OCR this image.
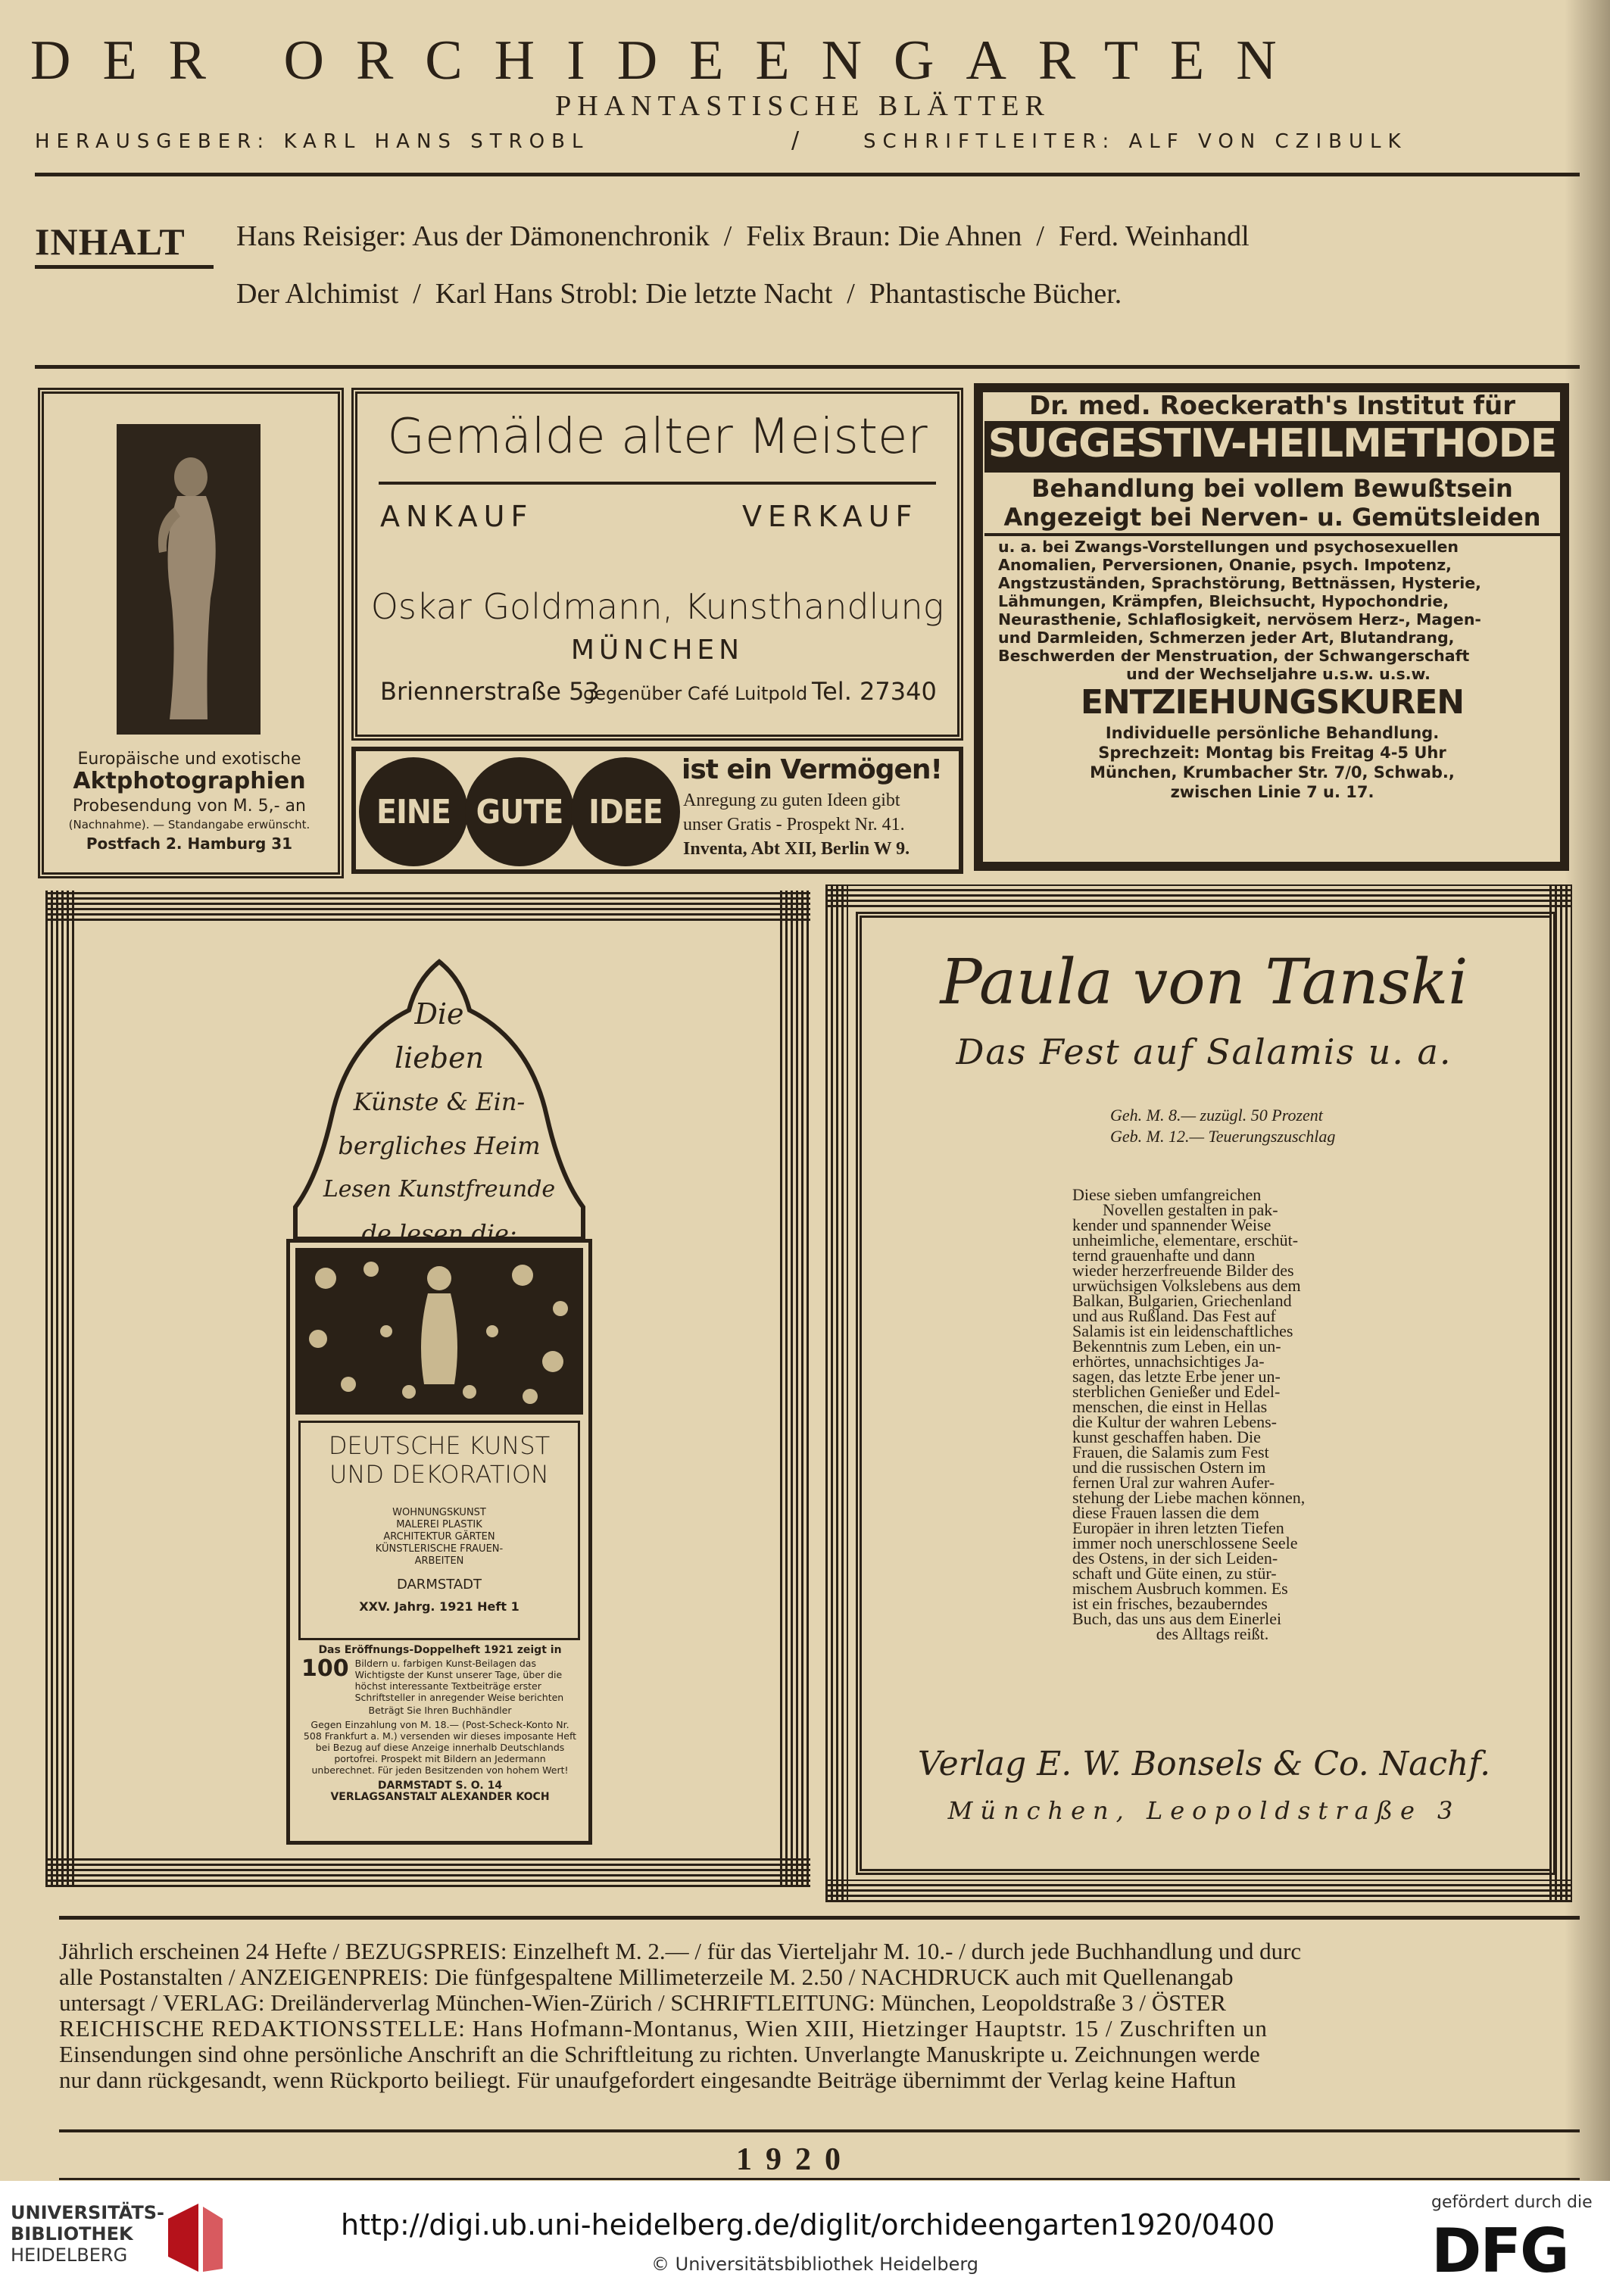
DER ORCHIDEENGARTEN
PHANTASTISCHE BLÄTTER
HERAUSGEBER: KARL HANS STROBL	/	SCHRIFTLEITER: ALF VON CZIBULK
INHALT Hans Reisiger: Aus der Dämonenchronik  /  Felix Braun: Die Ahnen  /  Ferd. Weinhandl
Der Alchimist  /  Karl Hans Strobl: Die letzte Nacht  /  Phantastische Bücher.
Europäische und exotische
Aktphotographien
Probesendung von M. 5,- an
(Nachnahme). — Standangabe erwünscht.
Postfach 2. Hamburg 31
Gemälde alter Meister
ANKAUF	VERKAUF
Oskar Goldmann, Kunsthandlung
MÜNCHEN
Briennerstraße 53
gegenüber Café Luitpold Tel. 27340
EINE GUTE IDEE
ist ein Vermögen!
Anregung zu guten Ideen gibt
unser Gratis - Prospekt Nr. 41.
Inventa, Abt XII, Berlin W 9.
Dr. med. Roeckerath's Institut für
SUGGESTIV-HEILMETHODE
Behandlung bei vollem Bewußtsein
Angezeigt bei Nerven- u. Gemütsleiden
u. a. bei Zwangs-Vorstellungen und psychosexuellen
Anomalien, Perversionen, Onanie, psych. Impotenz,
Angstzuständen, Sprachstörung, Bettnässen, Hysterie,
Lähmungen, Krämpfen, Bleichsucht, Hypochondrie,
Neurasthenie, Schlaflosigkeit, nervösem Herz-, Magen-
und Darmleiden, Schmerzen jeder Art, Blutandrang,
Beschwerden der Menstruation, der Schwangerschaft
und der Wechseljahre u.s.w. u.s.w.
ENTZIEHUNGSKUREN
Individuelle persönliche Behandlung.
Sprechzeit: Montag bis Freitag 4-5 Uhr
München, Krumbacher Str. 7/0, Schwab.,
zwischen Linie 7 u. 17.
Die
lieben
Künste & Ein-
bergliches Heim
Lesen Kunstfreunde
de lesen die:
DEUTSCHE KUNST
UND DEKORATION
WOHNUNGSKUNST
MALEREI PLASTIK
ARCHITEKTUR GÄRTEN
KÜNSTLERISCHE FRAUEN-
ARBEITEN
DARMSTADT
XXV. Jahrg. 1921 Heft 1
Das Eröffnungs-Doppelheft 1921 zeigt in
100 Bildern u. farbigen Kunst-Beilagen das Wichtigste der Kunst unserer Tage, über die höchst interessante Textbeiträge erster Schriftsteller in anregender Weise berichten
Beträgt Sie Ihren Buchhändler
Gegen Einzahlung von M. 18.— (Post-Scheck-Konto Nr. 508 Frankfurt a. M.) versenden wir dieses imposante Heft bei Bezug auf diese Anzeige innerhalb Deutschlands portofrei. Prospekt mit Bildern an Jedermann unberechnet. Für jeden Besitzenden von hohem Wert!
DARMSTADT S. O. 14
VERLAGSANSTALT ALEXANDER KOCH
Paula von Tanski
Das Fest auf Salamis u. a.
Geh. M. 8.— zuzügl. 50 Prozent
Geb. M. 12.— Teuerungszuschlag
Diese sieben umfangreichen
Novellen gestalten in pak-
kender und spannender Weise
unheimliche, elementare, erschüt-
ternd grauenhafte und dann
wieder herzerfreuende Bilder des
urwüchsigen Volkslebens aus dem
Balkan, Bulgarien, Griechenland
und aus Rußland. Das Fest auf
Salamis ist ein leidenschaftliches
Bekenntnis zum Leben, ein un-
erhörtes, unnachsichtiges Ja-
sagen, das letzte Erbe jener un-
sterblichen Genießer und Edel-
menschen, die einst in Hellas
die Kultur der wahren Lebens-
kunst geschaffen haben. Die
Frauen, die Salamis zum Fest
und die russischen Ostern im
fernen Ural zur wahren Aufer-
stehung der Liebe machen können,
diese Frauen lassen die dem
Europäer in ihren letzten Tiefen
immer noch unerschlossene Seele
des Ostens, in der sich Leiden-
schaft und Güte einen, zu stür-
mischem Ausbruch kommen. Es
ist ein frisches, bezauberndes
Buch, das uns aus dem Einerlei
des Alltags reißt.
Verlag E. W. Bonsels & Co. Nachf.
München, Leopoldstraße 3
Jährlich erscheinen 24 Hefte / BEZUGSPREIS: Einzelheft M. 2.— / für das Vierteljahr M. 10.- / durch jede Buchhandlung und durc
alle Postanstalten / ANZEIGENPREIS: Die fünfgespaltene Millimeterzeile M. 2.50 / NACHDRUCK auch mit Quellenangab
untersagt / VERLAG: Dreiländerverlag München-Wien-Zürich / SCHRIFTLEITUNG: München, Leopoldstraße 3 / ÖSTER
REICHISCHE REDAKTIONSSTELLE: Hans Hofmann-Montanus, Wien XIII, Hietzinger Hauptstr. 15 / Zuschriften un
Einsendungen sind ohne persönliche Anschrift an die Schriftleitung zu richten. Unverlangte Manuskripte u. Zeichnungen werde
nur dann rückgesandt, wenn Rückporto beiliegt. Für unaufgefordert eingesandte Beiträge übernimmt der Verlag keine Haftun
1920
UNIVERSITÄTS-
BIBLIOTHEK
HEIDELBERG
http://digi.ub.uni-heidelberg.de/diglit/orchideengarten1920/0400
© Universitätsbibliothek Heidelberg
gefördert durch die
DFG
